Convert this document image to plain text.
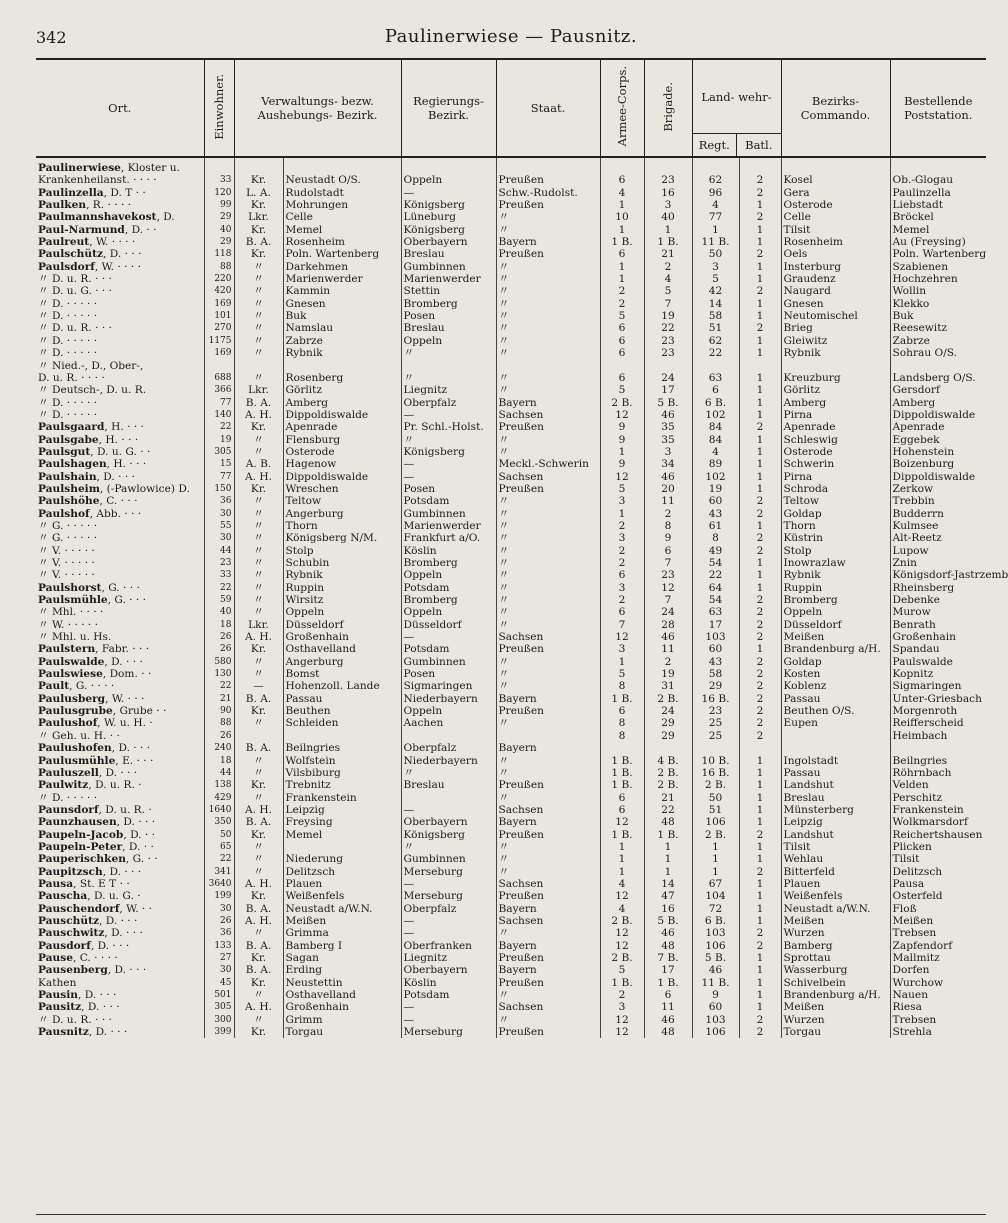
342	Paulinerwiese — Pausnitz.
Ort.	Einwohner.	Verwaltungs- bezw. Aushebungs- Bezirk.		Regierungs- Bezirk.	Staat.	Armee-Corps.	Brigade.	Land- wehr-
Regt. Batl.		Bezirks- Commando.	Bestellende Poststation.
Paulinerwiese, Kloster u.											
Krankenheilanst. · · · ·	33	Kr.	Neustadt O/S.	Oppeln	Preußen	6	23	62	2	Kosel	Ob.-Glogau
Paulinzella, D. T · ·	120	L. A.	Rudolstadt	—	Schw.-Rudolst.	4	16	96	2	Gera	Paulinzella
Paulken, R. · · · ·	99	Kr.	Mohrungen	Königsberg	Preußen	1	3	4	1	Osterode	Liebstadt
Paulmannshavekost, D.	29	Lkr.	Celle	Lüneburg	〃	10	40	77	2	Celle	Bröckel
Paul-Narmund, D. · ·	40	Kr.	Memel	Königsberg	〃	1	1	1	1	Tilsit	Memel
Paulreut, W. · · · ·	29	B. A.	Rosenheim	Oberbayern	Bayern	1 B.	1 B.	11 B.	1	Rosenheim	Au (Freysing)
Paulschütz, D. · · ·	118	Kr.	Poln. Wartenberg	Breslau	Preußen	6	21	50	2	Oels	Poln. Wartenberg
Paulsdorf, W. · · · ·	88	〃	Darkehmen	Gumbinnen	〃	1	2	3	1	Insterburg	Szabienen
〃 D. u. R. · · ·	220	〃	Marienwerder	Marienwerder	〃	1	4	5	1	Graudenz	Hochzehren
〃 D. u. G. · · ·	420	〃	Kammin	Stettin	〃	2	5	42	2	Naugard	Wollin
〃 D. · · · · ·	169	〃	Gnesen	Bromberg	〃	2	7	14	1	Gnesen	Klekko
〃 D. · · · · ·	101	〃	Buk	Posen	〃	5	19	58	1	Neutomischel	Buk
〃 D. u. R. · · ·	270	〃	Namslau	Breslau	〃	6	22	51	2	Brieg	Reesewitz
〃 D. · · · · ·	1175	〃	Zabrze	Oppeln	〃	6	23	62	1	Gleiwitz	Zabrze
〃 D. · · · · ·	169	〃	Rybnik	〃	〃	6	23	22	1	Rybnik	Sohrau O/S.
〃 Nied.-, D., Ober-,											
D. u. R. · · · ·	688	〃	Rosenberg	〃	〃	6	24	63	1	Kreuzburg	Landsberg O/S.
〃 Deutsch-, D. u. R.	366	Lkr.	Görlitz	Liegnitz	〃	5	17	6	1	Görlitz	Gersdorf
〃 D. · · · · ·	77	B. A.	Amberg	Oberpfalz	Bayern	2 B.	5 B.	6 B.	1	Amberg	Amberg
〃 D. · · · · ·	140	A. H.	Dippoldiswalde	—	Sachsen	12	46	102	1	Pirna	Dippoldiswalde
Paulsgaard, H. · · ·	22	Kr.	Apenrade	Pr. Schl.-Holst.	Preußen	9	35	84	2	Apenrade	Apenrade
Paulsgabe, H. · · ·	19	〃	Flensburg	〃	〃	9	35	84	1	Schleswig	Eggebek
Paulsgut, D. u. G. · ·	305	〃	Osterode	Königsberg	〃	1	3	4	1	Osterode	Hohenstein
Paulshagen, H. · · ·	15	A. B.	Hagenow	—	Meckl.-Schwerin	9	34	89	1	Schwerin	Boizenburg
Paulshain, D. · · ·	77	A. H.	Dippoldiswalde	—	Sachsen	12	46	102	1	Pirna	Dippoldiswalde
Paulsheim, (-Pawlowice) D.	150	Kr.	Wreschen	Posen	Preußen	5	20	19	1	Schroda	Zerkow
Paulshöhe, C. · · ·	36	〃	Teltow	Potsdam	〃	3	11	60	2	Teltow	Trebbin
Paulshof, Abb. · · ·	30	〃	Angerburg	Gumbinnen	〃	1	2	43	2	Goldap	Budderrn
〃 G. · · · · ·	55	〃	Thorn	Marienwerder	〃	2	8	61	1	Thorn	Kulmsee
〃 G. · · · · ·	30	〃	Königsberg N/M.	Frankfurt a/O.	〃	3	9	8	2	Küstrin	Alt-Reetz
〃 V. · · · · ·	44	〃	Stolp	Köslin	〃	2	6	49	2	Stolp	Lupow
〃 V. · · · · ·	23	〃	Schubin	Bromberg	〃	2	7	54	1	Inowrazlaw	Znin
〃 V. · · · · ·	33	〃	Rybnik	Oppeln	〃	6	23	22	1	Rybnik	Königsdorf-Jastrzemb
Paulshorst, G. · · ·	22	〃	Ruppin	Potsdam	〃	3	12	64	1	Ruppin	Rheinsberg
Paulsmühle, G. · · ·	59	〃	Wirsitz	Bromberg	〃	2	7	54	2	Bromberg	Debenke
〃 Mhl. · · · ·	40	〃	Oppeln	Oppeln	〃	6	24	63	2	Oppeln	Murow
〃 W. · · · · ·	18	Lkr.	Düsseldorf	Düsseldorf	〃	7	28	17	2	Düsseldorf	Benrath
〃 Mhl. u. Hs.	26	A. H.	Großenhain	—	Sachsen	12	46	103	2	Meißen	Großenhain
Paulstern, Fabr. · · ·	26	Kr.	Osthavelland	Potsdam	Preußen	3	11	60	1	Brandenburg a/H.	Spandau
Paulswalde, D. · · ·	580	〃	Angerburg	Gumbinnen	〃	1	2	43	2	Goldap	Paulswalde
Paulswiese, Dom. · ·	130	〃	Bomst	Posen	〃	5	19	58	2	Kosten	Kopnitz
Pault, G. · · · ·	22	—	Hohenzoll. Lande	Sigmaringen	〃	8	31	29	2	Koblenz	Sigmaringen
Paulusberg, W. · · ·	21	B. A.	Passau	Niederbayern	Bayern	1 B.	2 B.	16 B.	2	Passau	Unter-Griesbach
Paulusgrube, Grube · ·	90	Kr.	Beuthen	Oppeln	Preußen	6	24	23	2	Beuthen O/S.	Morgenroth
Paulushof, W. u. H. ·	88	〃	Schleiden	Aachen	〃	8	29	25	2	Eupen	Reifferscheid
〃 Geh. u. H. · ·	26					8	29	25	2		Heimbach
Paulushofen, D. · · ·	240	B. A.	Beilngries	Oberpfalz	Bayern						
Paulusmühle, E. · · ·	18	〃	Wolfstein	Niederbayern	〃	1 B.	4 B.	10 B.	1	Ingolstadt	Beilngries
Pauluszell, D. · · ·	44	〃	Vilsbiburg	〃	〃	1 B.	2 B.	16 B.	1	Passau	Röhrnbach
Paulwitz, D. u. R. ·	138	Kr.	Trebnitz	Breslau	Preußen	1 B.	2 B.	2 B.	1	Landshut	Velden
〃 D. · · · · ·	429	〃	Frankenstein		〃	6	21	50	1	Breslau	Perschitz
Paunsdorf, D. u. R. ·	1640	A. H.	Leipzig	—	Sachsen	6	22	51	1	Münsterberg	Frankenstein
Paunzhausen, D. · · ·	350	B. A.	Freysing	Oberbayern	Bayern	12	48	106	1	Leipzig	Wolkmarsdorf
Paupeln-Jacob, D. · ·	50	Kr.	Memel	Königsberg	Preußen	1 B.	1 B.	2 B.	2	Landshut	Reichertshausen
Paupeln-Peter, D. · ·	65	〃		〃	〃	1	1	1	1	Tilsit	Plicken
Pauperischken, G. · ·	22	〃	Niederung	Gumbinnen	〃	1	1	1	1	Wehlau	Tilsit
Paupitzsch, D. · · ·	341	〃	Delitzsch	Merseburg	〃	1	1	1	2	Bitterfeld	Delitzsch
Pausa, St. E T · ·	3640	A. H.	Plauen	—	Sachsen	4	14	67	1	Plauen	Pausa
Pauscha, D. u. G. ·	199	Kr.	Weißenfels	Merseburg	Preußen	12	47	104	1	Weißenfels	Osterfeld
Pauschendorf, W. · ·	30	B. A.	Neustadt a/W.N.	Oberpfalz	Bayern	4	16	72	1	Neustadt a/W.N.	Floß
Pauschütz, D. · · ·	26	A. H.	Meißen	—	Sachsen	2 B.	5 B.	6 B.	1	Meißen	Meißen
Pauschwitz, D. · · ·	36	〃	Grimma	—	〃	12	46	103	2	Wurzen	Trebsen
Pausdorf, D. · · ·	133	B. A.	Bamberg I	Oberfranken	Bayern	12	48	106	2	Bamberg	Zapfendorf
Pause, C. · · · ·	27	Kr.	Sagan	Liegnitz	Preußen	2 B.	7 B.	5 B.	1	Sprottau	Mallmitz
Pausenberg, D. · · ·	30	B. A.	Erding	Oberbayern	Bayern	5	17	46	1	Wasserburg	Dorfen
Kathen	45	Kr.	Neustettin	Köslin	Preußen	1 B.	1 B.	11 B.	1	Schivelbein	Wurchow
Pausin, D. · · ·	501	〃	Osthavelland	Potsdam	〃	2	6	9	1	Brandenburg a/H.	Nauen
Pausitz, D. · · ·	305	A. H.	Großenhain	—	Sachsen	3	11	60	1	Meißen	Riesa
〃 D. u. R. · · ·	300	〃	Grimm	—	〃	12	46	103	2	Wurzen	Trebsen
Pausnitz, D. · · ·	399	Kr.	Torgau	Merseburg	Preußen	12	48	106	2	Torgau	Strehla
